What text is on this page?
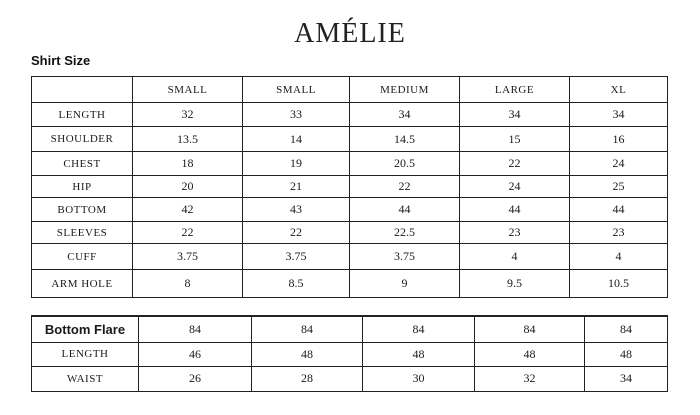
AMÉLIE
Shirt Size
	SMALL	SMALL	MEDIUM	LARGE	XL
LENGTH	32	33	34	34	34
SHOULDER	13.5	14	14.5	15	16
CHEST	18	19	20.5	22	24
HIP	20	21	22	24	25
BOTTOM	42	43	44	44	44
SLEEVES	22	22	22.5	23	23
CUFF	3.75	3.75	3.75	4	4
ARM HOLE	8	8.5	9	9.5	10.5
Bottom Flare	84	84	84	84	84
LENGTH	46	48	48	48	48
WAIST	26	28	30	32	34
